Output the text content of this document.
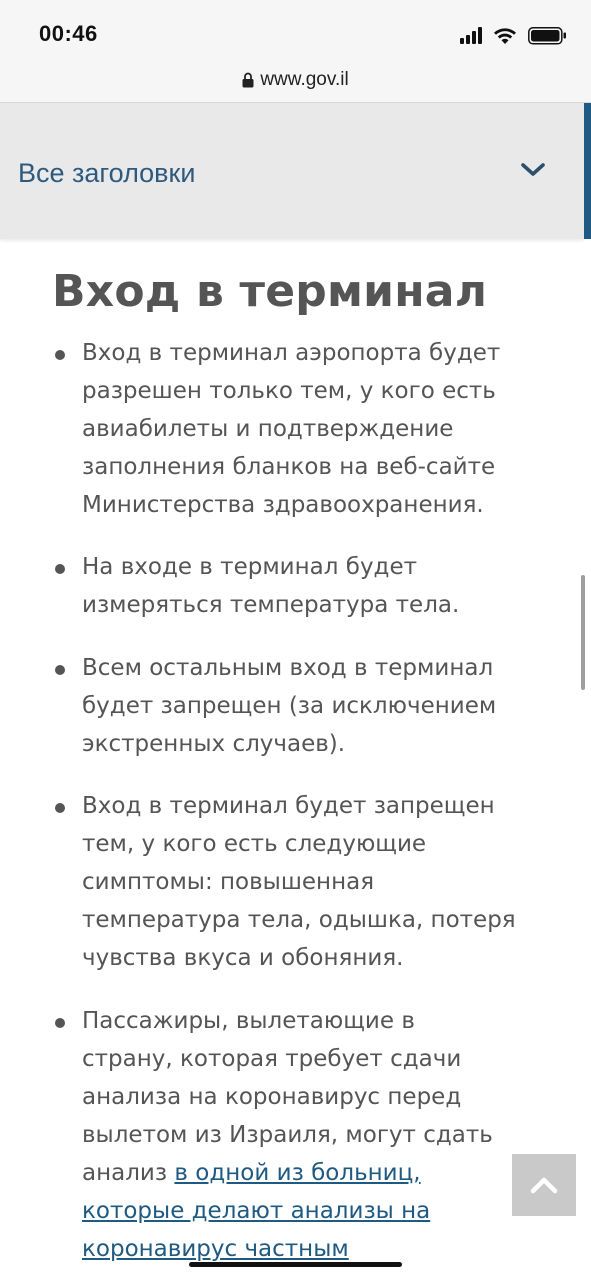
00:46
www.gov.il
Все заголовки
Вход в терминал
Вход в терминал аэропорта будет
разрешен только тем, у кого есть
авиабилеты и подтверждение
заполнения бланков на веб-сайте
Министерства здравоохранения.
На входе в терминал будет
измеряться температура тела.
Всем остальным вход в терминал
будет запрещен (за исключением
экстренных случаев).
Вход в терминал будет запрещен
тем, у кого есть следующие
симптомы: повышенная
температура тела, одышка, потеря
чувства вкуса и обоняния.
Пассажиры, вылетающие в
страну, которая требует сдачи
анализа на коронавирус перед
вылетом из Израиля, могут сдать
анализ в одной из больниц,
которые делают анализы на
коронавирус частным
